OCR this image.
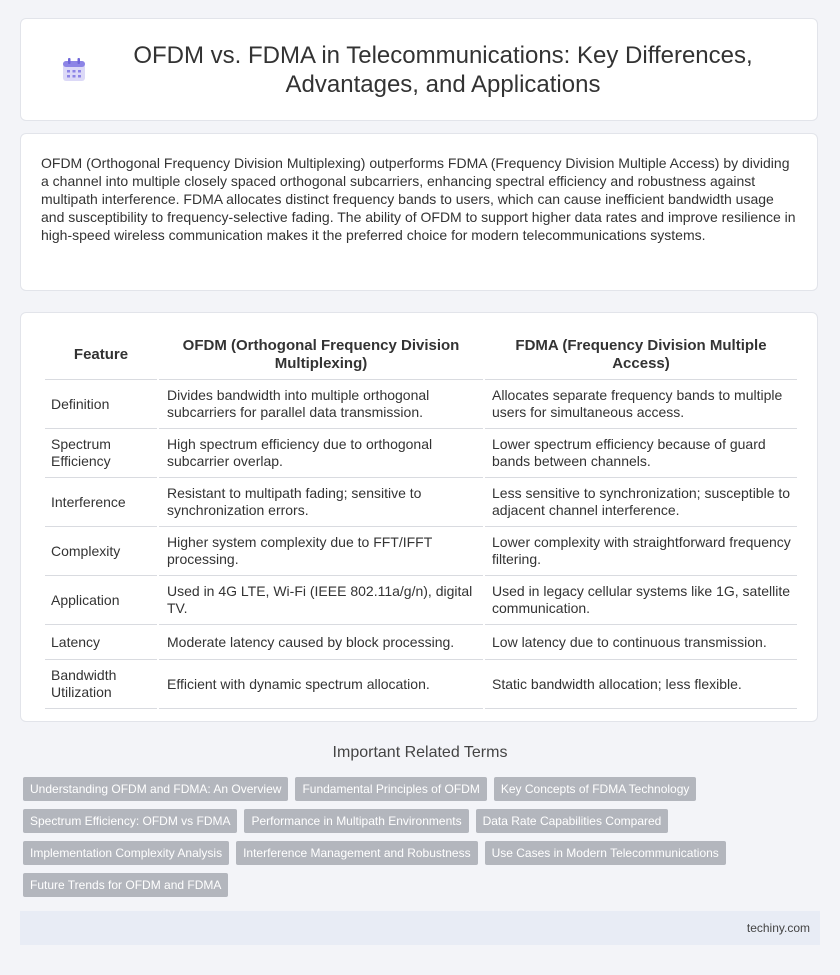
OFDM vs. FDMA in Telecommunications: Key Differences, Advantages, and Applications

OFDM (Orthogonal Frequency Division Multiplexing) outperforms FDMA (Frequency Division Multiple Access) by dividing a channel into multiple closely spaced orthogonal subcarriers, enhancing spectral efficiency and robustness against multipath interference. FDMA allocates distinct frequency bands to users, which can cause inefficient bandwidth usage and susceptibility to frequency-selective fading. The ability of OFDM to support higher data rates and improve resilience in high-speed wireless communication makes it the preferred choice for modern telecommunications systems.

Feature	OFDM (Orthogonal Frequency Division Multiplexing)	FDMA (Frequency Division Multiple Access)
Definition	Divides bandwidth into multiple orthogonal subcarriers for parallel data transmission.	Allocates separate frequency bands to multiple users for simultaneous access.
Spectrum Efficiency	High spectrum efficiency due to orthogonal subcarrier overlap.	Lower spectrum efficiency because of guard bands between channels.
Interference	Resistant to multipath fading; sensitive to synchronization errors.	Less sensitive to synchronization; susceptible to adjacent channel interference.
Complexity	Higher system complexity due to FFT/IFFT processing.	Lower complexity with straightforward frequency filtering.
Application	Used in 4G LTE, Wi-Fi (IEEE 802.11a/g/n), digital TV.	Used in legacy cellular systems like 1G, satellite communication.
Latency	Moderate latency caused by block processing.	Low latency due to continuous transmission.
Bandwidth Utilization	Efficient with dynamic spectrum allocation.	Static bandwidth allocation; less flexible.
Important Related Terms
Understanding OFDM and FDMA: An Overview	Fundamental Principles of OFDM	Key Concepts of FDMA Technology
Spectrum Efficiency: OFDM vs FDMA	Performance in Multipath Environments	Data Rate Capabilities Compared
Implementation Complexity Analysis	Interference Management and Robustness	Use Cases in Modern Telecommunications
Future Trends for OFDM and FDMA
techiny.com
